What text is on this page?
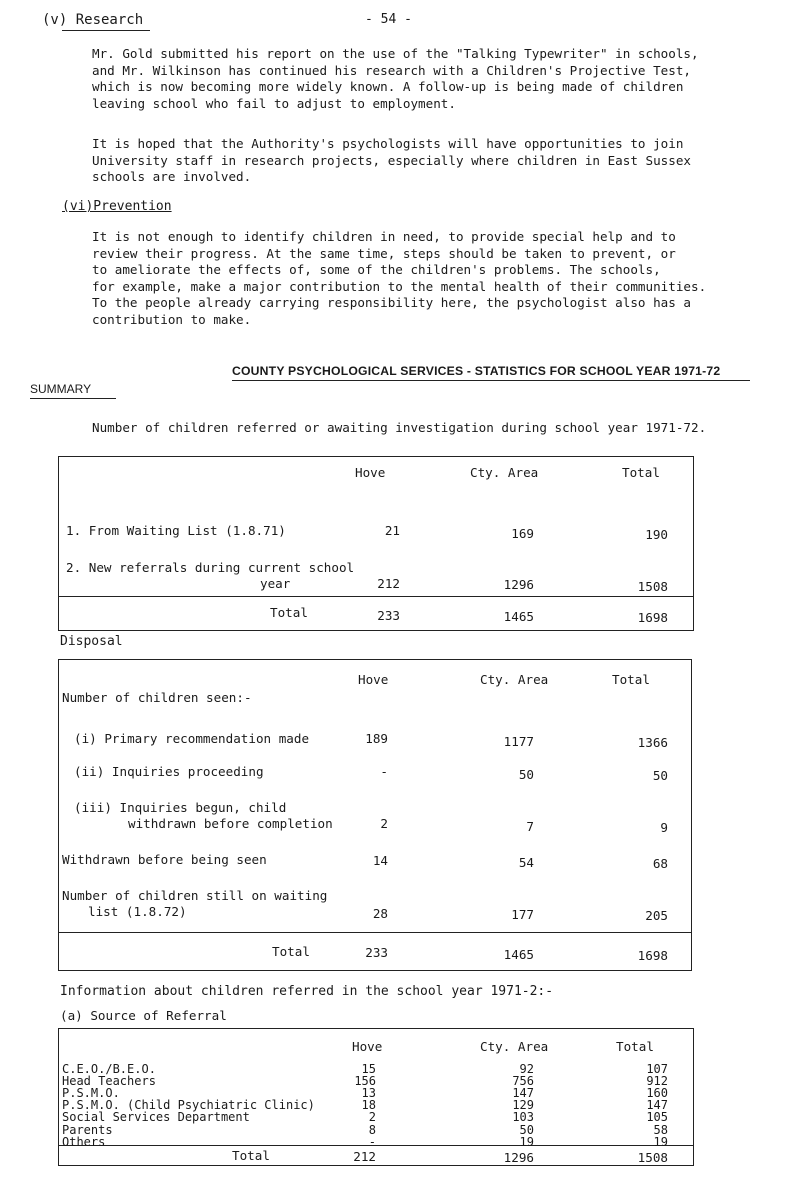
(v) Research	- 54 -
Mr. Gold submitted his report on the use of the "Talking Typewriter" in schools,
and Mr. Wilkinson has continued his research with a Children's Projective Test,
which is now becoming more widely known. A follow-up is being made of children
leaving school who fail to adjust to employment.
It is hoped that the Authority's psychologists will have opportunities to join
University staff in research projects, especially where children in East Sussex
schools are involved.
(vi)Prevention
It is not enough to identify children in need, to provide special help and to
review their progress. At the same time, steps should be taken to prevent, or
to ameliorate the effects of, some of the children's problems. The schools,
for example, make a major contribution to the mental health of their communities.
To the people already carrying responsibility here, the psychologist also has a
contribution to make.
COUNTY PSYCHOLOGICAL SERVICES - STATISTICS FOR SCHOOL YEAR 1971-72
SUMMARY
Number of children referred or awaiting investigation during school year 1971-72.
Hove	Cty. Area	Total
1. From Waiting List (1.8.71)	21	169	190
2. New referrals during current school
year	212	1296	1508
Total	233	1465	1698
Disposal
Hove	Cty. Area	Total
Number of children seen:-
(i) Primary recommendation made	189	1177	1366
(ii) Inquiries proceeding	-	50	50
(iii) Inquiries begun, child
withdrawn before completion	2	7	9
Withdrawn before being seen	14	54	68
Number of children still on waiting
list (1.8.72)	28	177	205
Total	233	1465	1698
Information about children referred in the school year 1971-2:-
(a) Source of Referral
Hove	Cty. Area	Total
C.E.O./B.E.O.	15	92	107
Head Teachers	156	756	912
P.S.M.O.	13	147	160
P.S.M.O. (Child Psychiatric Clinic)	18	129	147
Social Services Department	2	103	105
Parents	8	50	58
Others	-	19	19
Total	212	1296	1508
